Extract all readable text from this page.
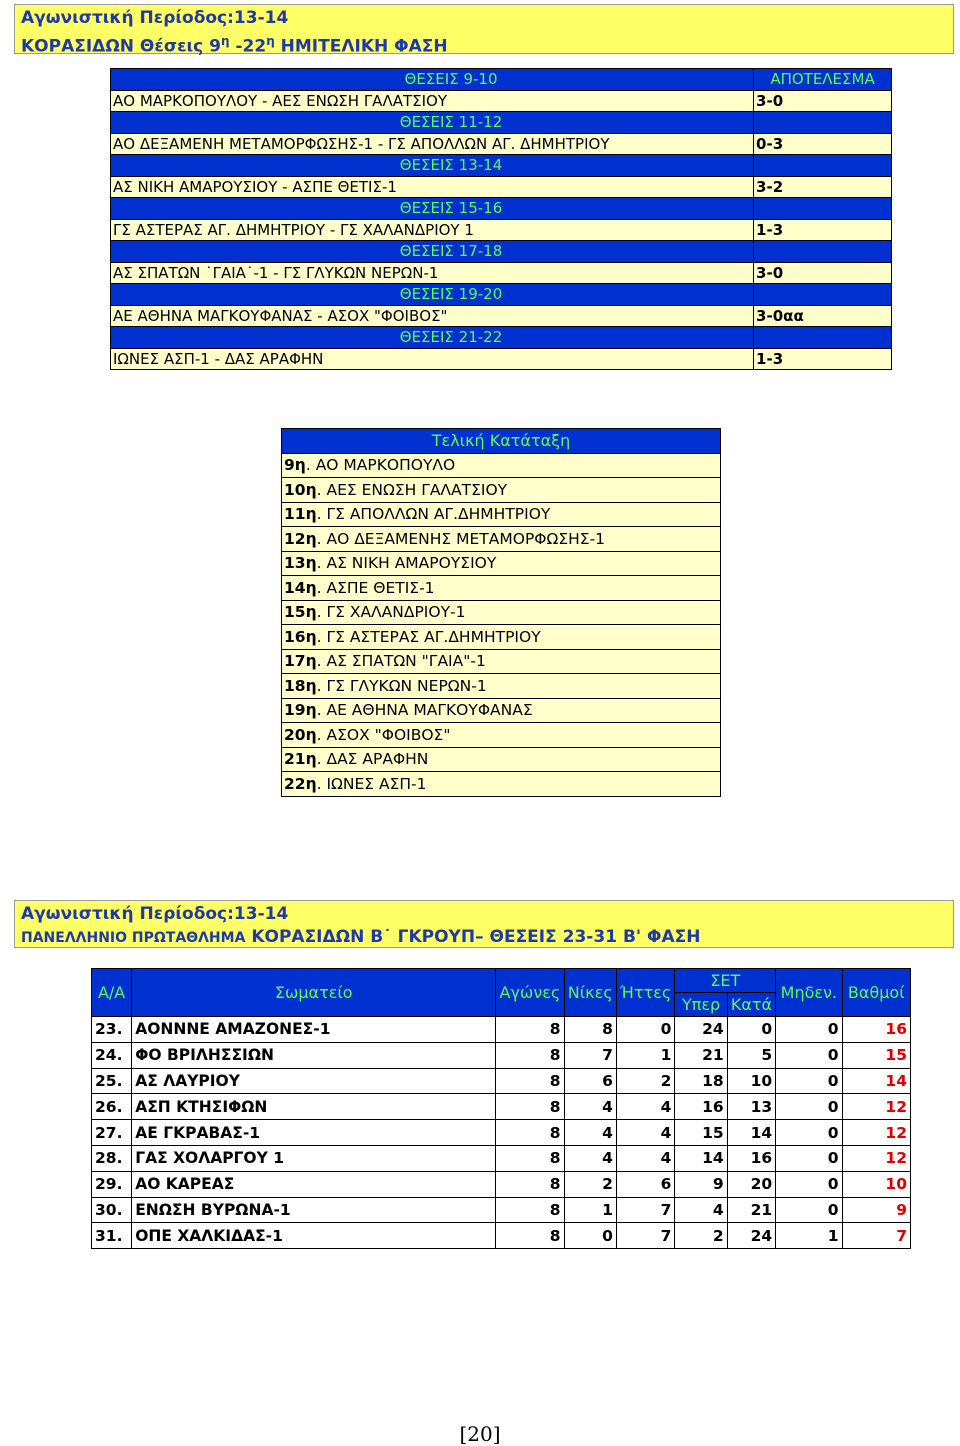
Αγωνιστική Περίοδος:13-14
ΚΟΡΑΣΙΔΩΝ Θέσεις $9^\eta$ $-22^\eta$ ΗΜΙΤΕΛΙΚΗ ΦΑΣΗ
ΘΕΣΕΙΣ 9-10	ΑΠΟΤΕΛΕΣΜΑ
ΑΟ ΜΑΡΚΟΠΟΥΛΟΥ - ΑΕΣ ΕΝΩΣΗ ΓΑΛΑΤΣΙΟΥ	3-0
ΘΕΣΕΙΣ 11-12	
ΑΟ ΔΕΞΑΜΕΝΗ ΜΕΤΑΜΟΡΦΩΣΗΣ-1 - ΓΣ ΑΠΟΛΛΩΝ ΑΓ. ΔΗΜΗΤΡΙΟΥ	0-3
ΘΕΣΕΙΣ 13-14	
ΑΣ ΝΙΚΗ ΑΜΑΡΟΥΣΙΟΥ - ΑΣΠΕ ΘΕΤΙΣ-1	3-2
ΘΕΣΕΙΣ 15-16	
ΓΣ ΑΣΤΕΡΑΣ ΑΓ. ΔΗΜΗΤΡΙΟΥ - ΓΣ ΧΑΛΑΝΔΡΙΟΥ 1	1-3
ΘΕΣΕΙΣ 17-18	
ΑΣ ΣΠΑΤΩΝ ˙ΓΑΙΑ˙-1 - ΓΣ ΓΛΥΚΩΝ ΝΕΡΩΝ-1	3-0
ΘΕΣΕΙΣ 19-20	
ΑΕ ΑΘΗΝΑ ΜΑΓΚΟΥΦΑΝΑΣ - ΑΣΟΧ "ΦΟΙΒΟΣ"	3-0αα
ΘΕΣΕΙΣ 21-22	
ΙΩΝΕΣ ΑΣΠ-1 - ΔΑΣ ΑΡΑΦΗΝ	1-3
Τελική Κατάταξη
9η. ΑΟ ΜΑΡΚΟΠΟΥΛΟ
10η. ΑΕΣ ΕΝΩΣΗ ΓΑΛΑΤΣΙΟΥ
11η. ΓΣ ΑΠΟΛΛΩΝ ΑΓ.ΔΗΜΗΤΡΙΟΥ
12η. ΑΟ ΔΕΞΑΜΕΝΗΣ ΜΕΤΑΜΟΡΦΩΣΗΣ-1
13η. ΑΣ ΝΙΚΗ ΑΜΑΡΟΥΣΙΟΥ
14η. ΑΣΠΕ ΘΕΤΙΣ-1
15η. ΓΣ ΧΑΛΑΝΔΡΙΟΥ-1
16η. ΓΣ ΑΣΤΕΡΑΣ ΑΓ.ΔΗΜΗΤΡΙΟΥ
17η. ΑΣ ΣΠΑΤΩΝ "ΓΑΙΑ"-1
18η. ΓΣ ΓΛΥΚΩΝ ΝΕΡΩΝ-1
19η. ΑΕ ΑΘΗΝΑ ΜΑΓΚΟΥΦΑΝΑΣ
20η. ΑΣΟΧ "ΦΟΙΒΟΣ"
21η. ΔΑΣ ΑΡΑΦΗΝ
22η. ΙΩΝΕΣ ΑΣΠ-1
Αγωνιστική Περίοδος:13-14
ΠΑΝΕΛΛΗΝΙΟ ΠΡΩΤΑΘΛΗΜΑ ΚΟΡΑΣΙΔΩΝ Β˙ ΓΚΡΟΥΠ– ΘΕΣΕΙΣ 23-31 Β' ΦΑΣΗ
Α/Α	Σωματείο	Αγώνες	Νίκες	Ήττες	ΣΕΤ		Μηδεν.	Βαθμοί
					Υπερ	Κατά		
23.	ΑΟΝΝΝΕ ΑΜΑΖΟΝΕΣ-1	8	8	0	24	0	0	16
24.	ΦΟ ΒΡΙΛΗΣΣΙΩΝ	8	7	1	21	5	0	15
25.	ΑΣ ΛΑΥΡΙΟΥ	8	6	2	18	10	0	14
26.	ΑΣΠ ΚΤΗΣΙΦΩΝ	8	4	4	16	13	0	12
27.	ΑΕ ΓΚΡΑΒΑΣ-1	8	4	4	15	14	0	12
28.	ΓΑΣ ΧΟΛΑΡΓΟΥ 1	8	4	4	14	16	0	12
29.	ΑΟ ΚΑΡΕΑΣ	8	2	6	9	20	0	10
30.	ΕΝΩΣΗ ΒΥΡΩΝΑ-1	8	1	7	4	21	0	9
31.	ΟΠΕ ΧΑΛΚΙΔΑΣ-1	8	0	7	2	24	1	7
[20]
